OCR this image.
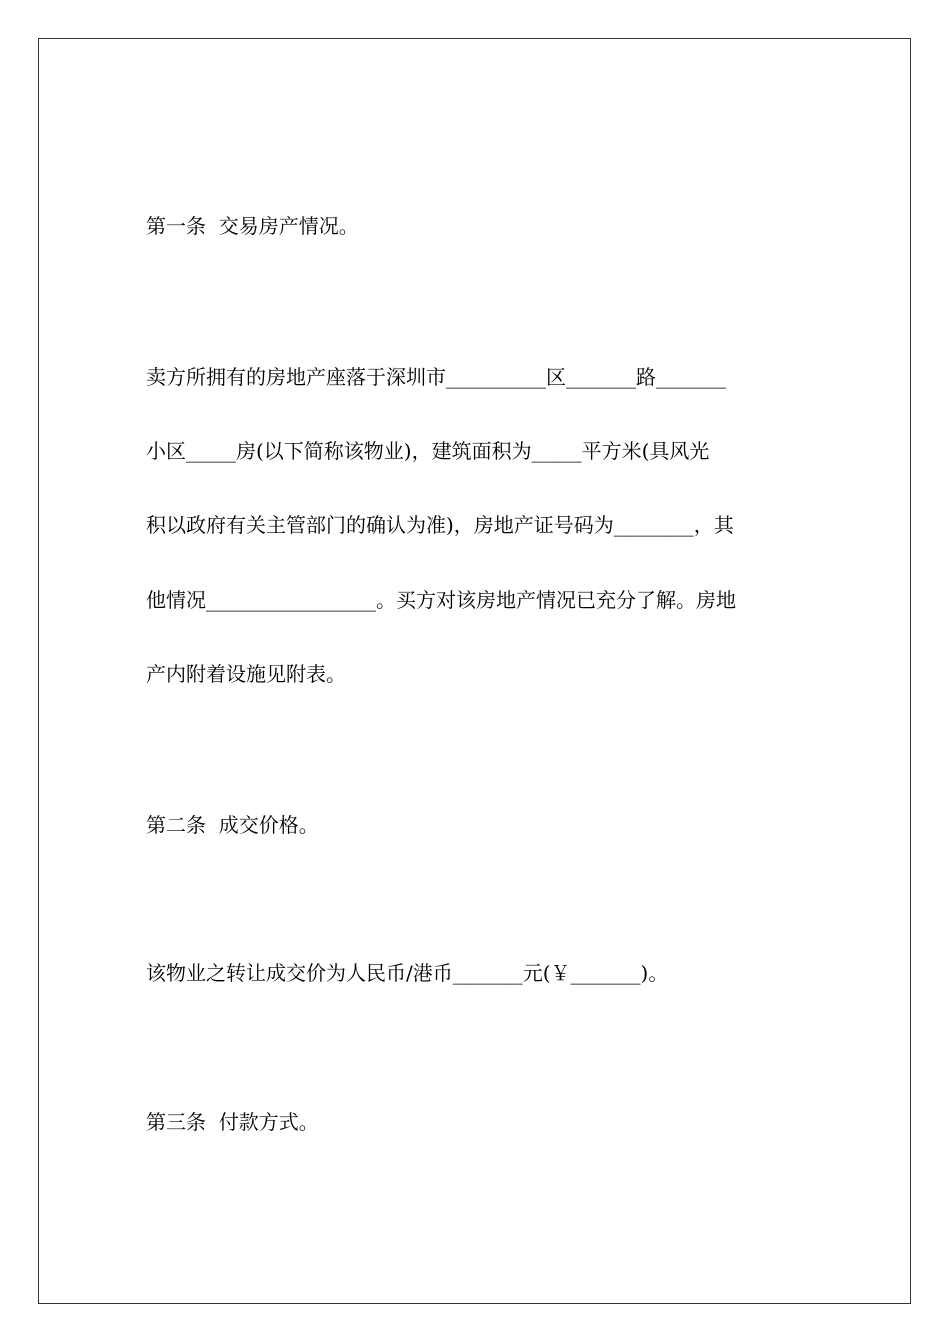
第一条  交易房产情况。
卖方所拥有的房地产座落于深圳市__________区_______路_______
小区_____房(以下简称该物业)，建筑面积为_____平方米(具风光
积以政府有关主管部门的确认为准)，房地产证号码为________，其
他情况_________________。买方对该房地产情况已充分了解。房地
产内附着设施见附表。
第二条  成交价格。
该物业之转让成交价为人民币/港币_______元(￥_______)。
第三条  付款方式。
